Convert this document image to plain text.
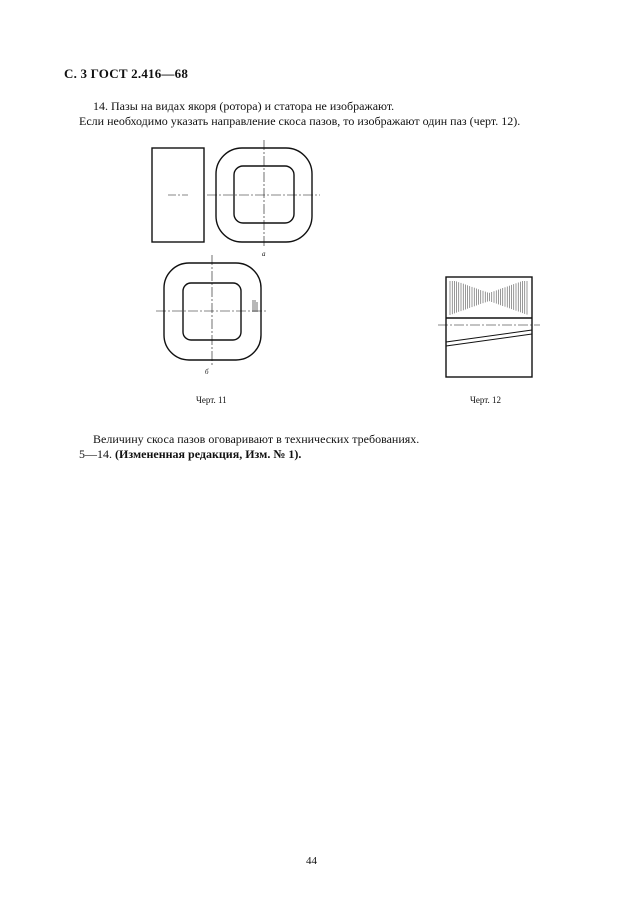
С. 3 ГОСТ 2.416—68
14. Пазы на видах якоря (ротора) и статора не изображают.
Если необходимо указать направление скоса пазов, то изображают один паз (черт. 12).
а
б
Черт. 11	Черт. 12
Величину скоса пазов оговаривают в технических требованиях.
5—14. (Измененная редакция, Изм. № 1).
44
